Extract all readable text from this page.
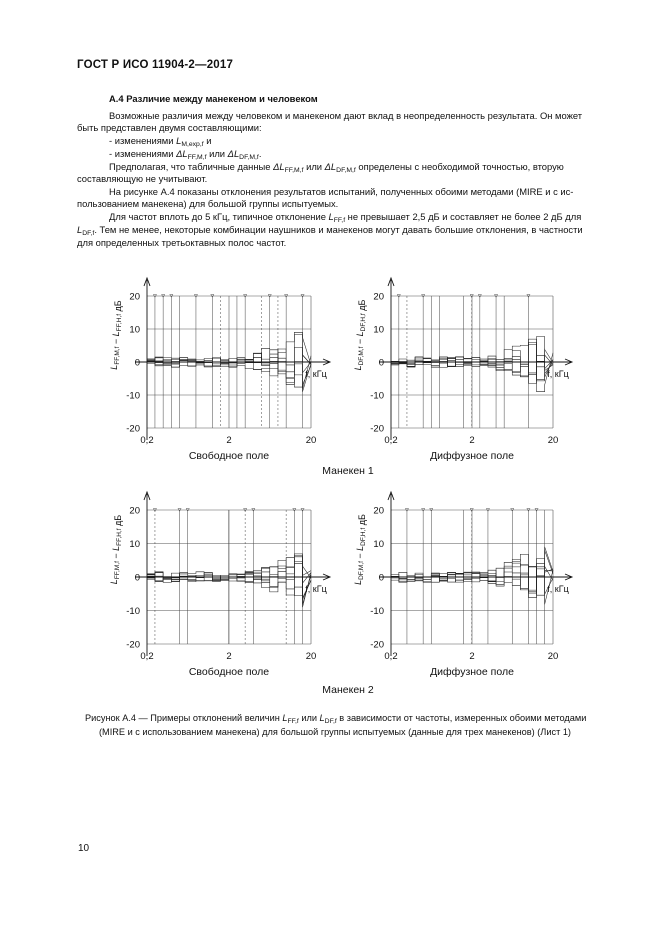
ГОСТ Р ИСО 11904-2—2017
А.4 Различие между манекеном и человеком
Возможные различия между человеком и манекеном дают вклад в неопределенность результата. Он может
быть представлен двумя составляющими:
- изменениями $L_{M,exp,f}$ и
- изменениями $\Delta L_{FF,M,f}$ или $\Delta L_{DF,M,f}$.
Предполагая, что табличные данные $\Delta L_{FF,M,f}$ или $\Delta L_{DF,M,f}$ определены с необходимой точностью, вторую
составляющую не учитывают.
На рисунке А.4 показаны отклонения результатов испытаний, полученных обоими методами (MIRE и с ис-
пользованием манекена) для большой группы испытуемых.
Для частот вплоть до 5 кГц, типичное отклонение $L_{FF,f}$ не превышает 2,5 дБ и составляет не более 2 дБ для
$L_{DF,f}$. Тем не менее, некоторые комбинации наушников и манекенов могут давать большие отклонения, в частности
для определенных третьоктавных полос частот.
$L_{FF,M,f} - L_{FF,H,f}$ дБ
20
10
0
-10
-20
0,2	2	20
f, кГц
Свободное поле
$L_{DF,M,f} - L_{DF,H,f}$ дБ
20
10
0
-10
-20
0,2	2	20
f, кГц
Диффузное поле
$L_{FF,M,f} - L_{FF,H,f}$ дБ
20
10
0
-10
-20
0,2	2	20
f, кГц
Свободное поле
$L_{DF,M,f} - L_{DF,H,f}$ дБ
20
10
0
-10
-20
0,2	2	20
f, кГц
Диффузное поле
Манекен 1
Манекен 2
Рисунок А.4 — Примеры отклонений величин $L_{FF,f}$ или $L_{DF,f}$ в зависимости от частоты, измеренных обоими методами
(MIRE и с использованием манекена) для большой группы испытуемых (данные для трех манекенов) (Лист 1)
10
